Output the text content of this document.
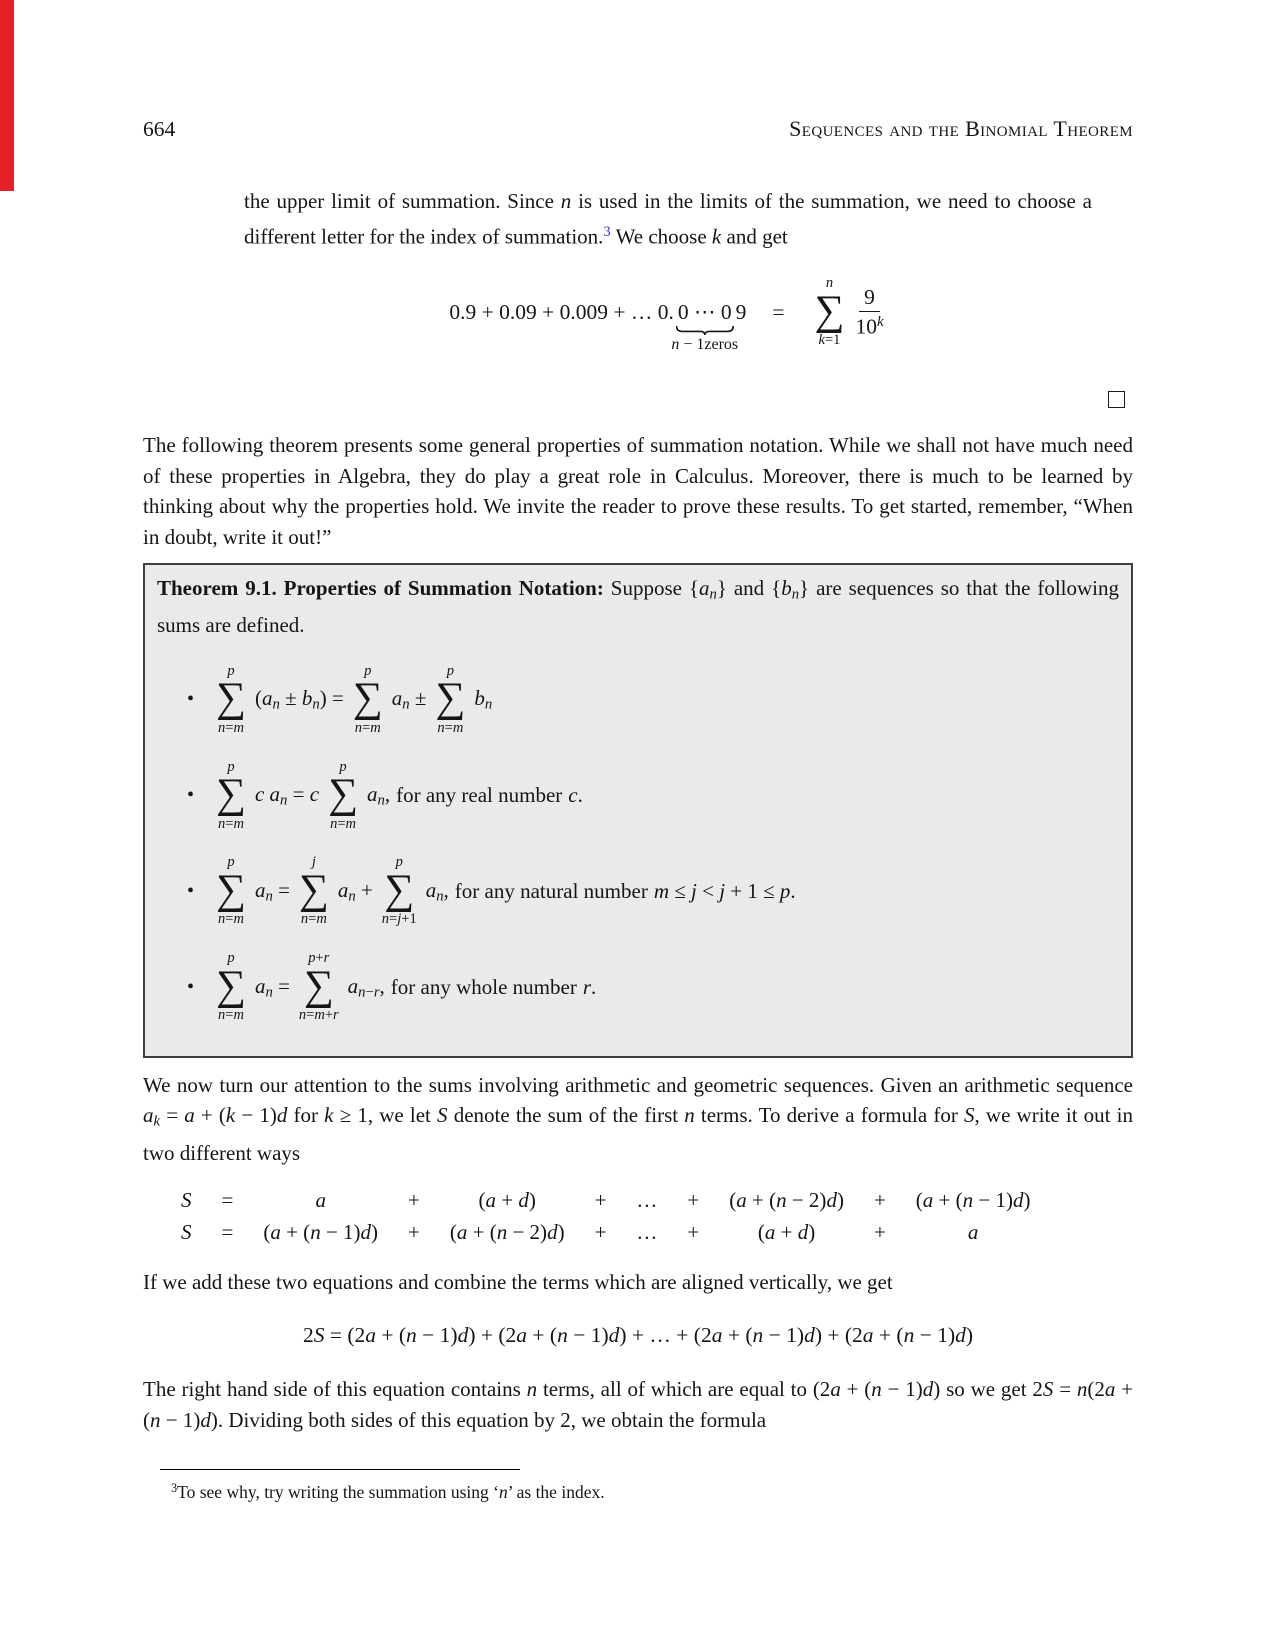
664	Sequences and the Binomial Theorem

the upper limit of summation. Since n is used in the limits of the summation, we need to choose a different letter for the index of summation.$^3$ We choose k and get

0.9 + 0.09 + 0.009 + … 0. 0 ⋯ 0
n − 1 zeros
9 =
n
∑
k=1
$\frac{9}{10^k}$

The following theorem presents some general properties of summation notation. While we shall not have much need of these properties in Algebra, they do play a great role in Calculus. Moreover, there is much to be learned by thinking about why the properties hold. We invite the reader to prove these results. To get started, remember, “When in doubt, write it out!”

Theorem 9.1. Properties of Summation Notation: Suppose $\{a_n\}$ and $\{b_n\}$ are sequences so that the following sums are defined.

•
p
∑
n=m
$(a_n \pm b_n)$ =
p
∑
n=m
$a_n$ ±
p
∑
n=m
$b_n$
•
p
∑
n=m
c $a_n = c$
p
∑
n=m
$a_n$, for any real number c.
•
p
∑
n=m
$a_n$ =
j
∑
n=m
$a_n$ +
p
∑
n=j+1
$a_n$, for any natural number m ≤ j < j + 1 ≤ p.
•
p
∑
n=m
$a_n$ =
p+r
∑
n=m+r
$a_{n-r}$, for any whole number r.

We now turn our attention to the sums involving arithmetic and geometric sequences. Given an arithmetic sequence $a_k = a + (k - 1)d$ for k ≥ 1, we let S denote the sum of the first n terms. To derive a formula for S, we write it out in two different ways

S =	a	+	(a + d)	+ … + (a + (n − 2)d) + (a + (n − 1)d)
S = (a + (n − 1)d) + (a + (n − 2)d) + … +	(a + d)	+	a

If we add these two equations and combine the terms which are aligned vertically, we get

2S = (2a + (n − 1)d) + (2a + (n − 1)d) + … + (2a + (n − 1)d) + (2a + (n − 1)d)

The right hand side of this equation contains n terms, all of which are equal to (2a + (n − 1)d) so we get 2S = n(2a + (n − 1)d). Dividing both sides of this equation by 2, we obtain the formula

$^3$To see why, try writing the summation using ‘n’ as the index.
